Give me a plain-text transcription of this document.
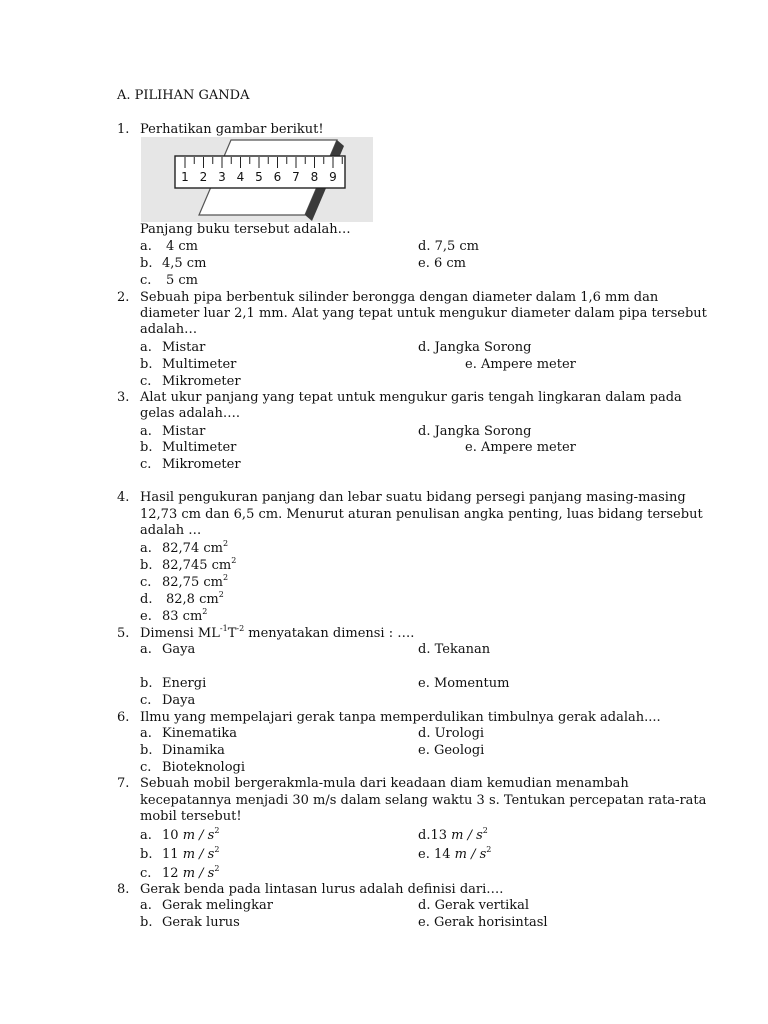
A. PILIHAN GANDA
1. Perhatikan gambar berikut!
1 2 3 4 5 6 7 8 9
Panjang buku tersebut adalah…
a.	4 cm	d. 7,5 cm
b. 4,5 cm	e. 6 cm
c.	5 cm
2. Sebuah pipa berbentuk silinder berongga dengan diameter dalam 1,6 mm dan
diameter luar 2,1 mm. Alat yang tepat untuk mengukur diameter dalam pipa tersebut
adalah…
a. Mistar	d. Jangka Sorong
b. Multimeter	e. Ampere meter
c. Mikrometer
3. Alat ukur panjang yang tepat untuk mengukur garis tengah lingkaran dalam pada
gelas adalah….
a. Mistar	d. Jangka Sorong
b. Multimeter	e. Ampere meter
c. Mikrometer
4. Hasil pengukuran panjang dan lebar suatu bidang persegi panjang masing-masing
12,73 cm dan 6,5 cm. Menurut aturan penulisan angka penting, luas bidang tersebut
adalah …
a. 82,74 $cm^2$
b. 82,745 $cm^2$
c. 82,75 $cm^2$
d.	82,8 $cm^2$
e. 83 $cm^2$
5. Dimensi $ML^{-1}T^{-2}$ menyatakan dimensi : ….
a. Gaya	d. Tekanan
b. Energi	e. Momentum
c. Daya
6. Ilmu yang mempelajari gerak tanpa memperdulikan timbulnya gerak adalah....
a. Kinematika	d. Urologi
b. Dinamika	e. Geologi
c. Bioteknologi
7. Sebuah mobil bergerakmla-mula dari keadaan diam kemudian menambah
kecepatannya menjadi 30 m/s dalam selang waktu 3 s. Tentukan percepatan rata-rata
mobil tersebut!
a. 10 m / $s^2$	d.13 m / $s^2$
b. 11 m / $s^2$	e. 14 m / $s^2$
c. 12 m / $s^2$
8. Gerak benda pada lintasan lurus adalah definisi dari….
a. Gerak melingkar	d. Gerak vertikal
b. Gerak lurus	e. Gerak horisintasl
